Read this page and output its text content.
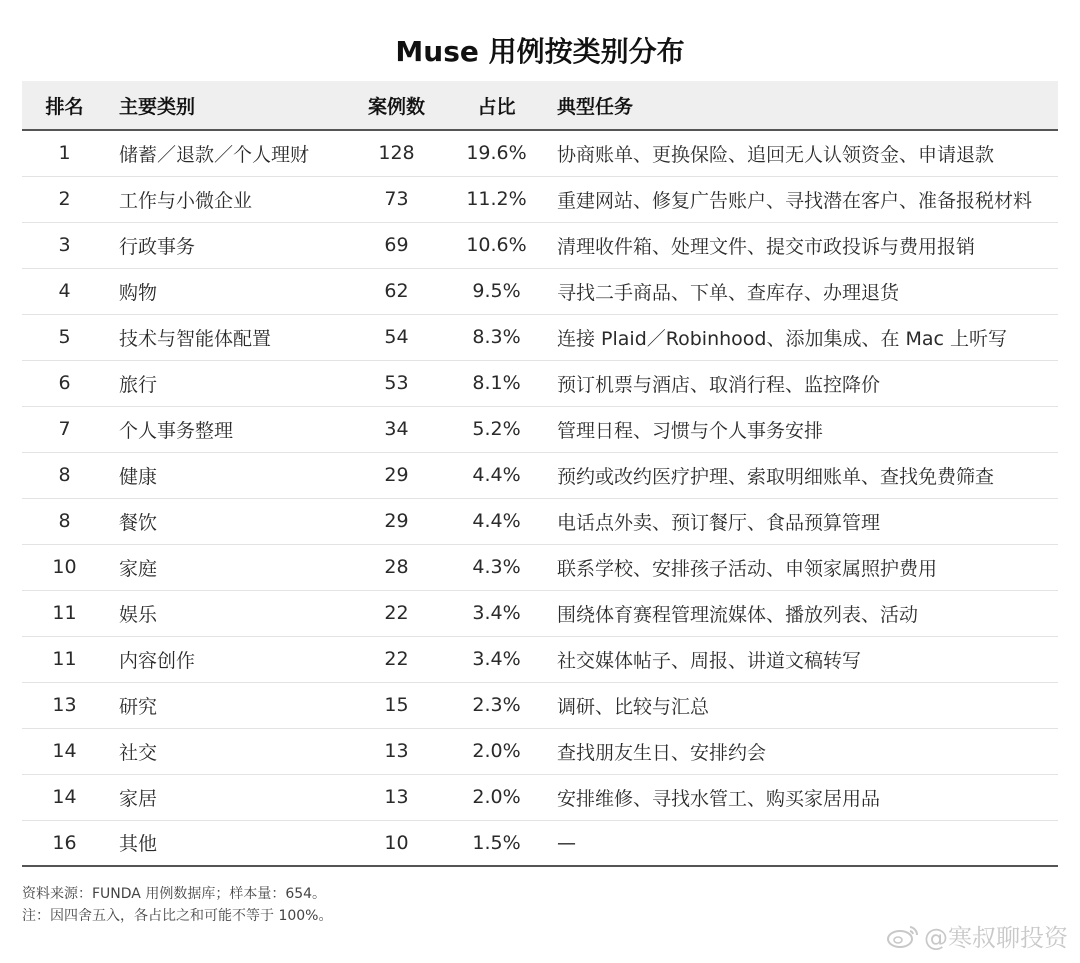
Muse 用例按类别分布
排名	主要类别	案例数	占比	典型任务
1	储蓄／退款／个人理财	128	19.6%	协商账单、更换保险、追回无人认领资金、申请退款
2	工作与小微企业	73	11.2%	重建网站、修复广告账户、寻找潜在客户、准备报税材料
3	行政事务	69	10.6%	清理收件箱、处理文件、提交市政投诉与费用报销
4	购物	62	9.5%	寻找二手商品、下单、查库存、办理退货
5	技术与智能体配置	54	8.3%	连接 Plaid／Robinhood、添加集成、在 Mac 上听写
6	旅行	53	8.1%	预订机票与酒店、取消行程、监控降价
7	个人事务整理	34	5.2%	管理日程、习惯与个人事务安排
8	健康	29	4.4%	预约或改约医疗护理、索取明细账单、查找免费筛查
8	餐饮	29	4.4%	电话点外卖、预订餐厅、食品预算管理
10	家庭	28	4.3%	联系学校、安排孩子活动、申领家属照护费用
11	娱乐	22	3.4%	围绕体育赛程管理流媒体、播放列表、活动
11	内容创作	22	3.4%	社交媒体帖子、周报、讲道文稿转写
13	研究	15	2.3%	调研、比较与汇总
14	社交	13	2.0%	查找朋友生日、安排约会
14	家居	13	2.0%	安排维修、寻找水管工、购买家居用品
16	其他	10	1.5%	—
资料来源：FUNDA 用例数据库；样本量：654。
注：因四舍五入，各占比之和可能不等于 100%。
@寒叔聊投资
